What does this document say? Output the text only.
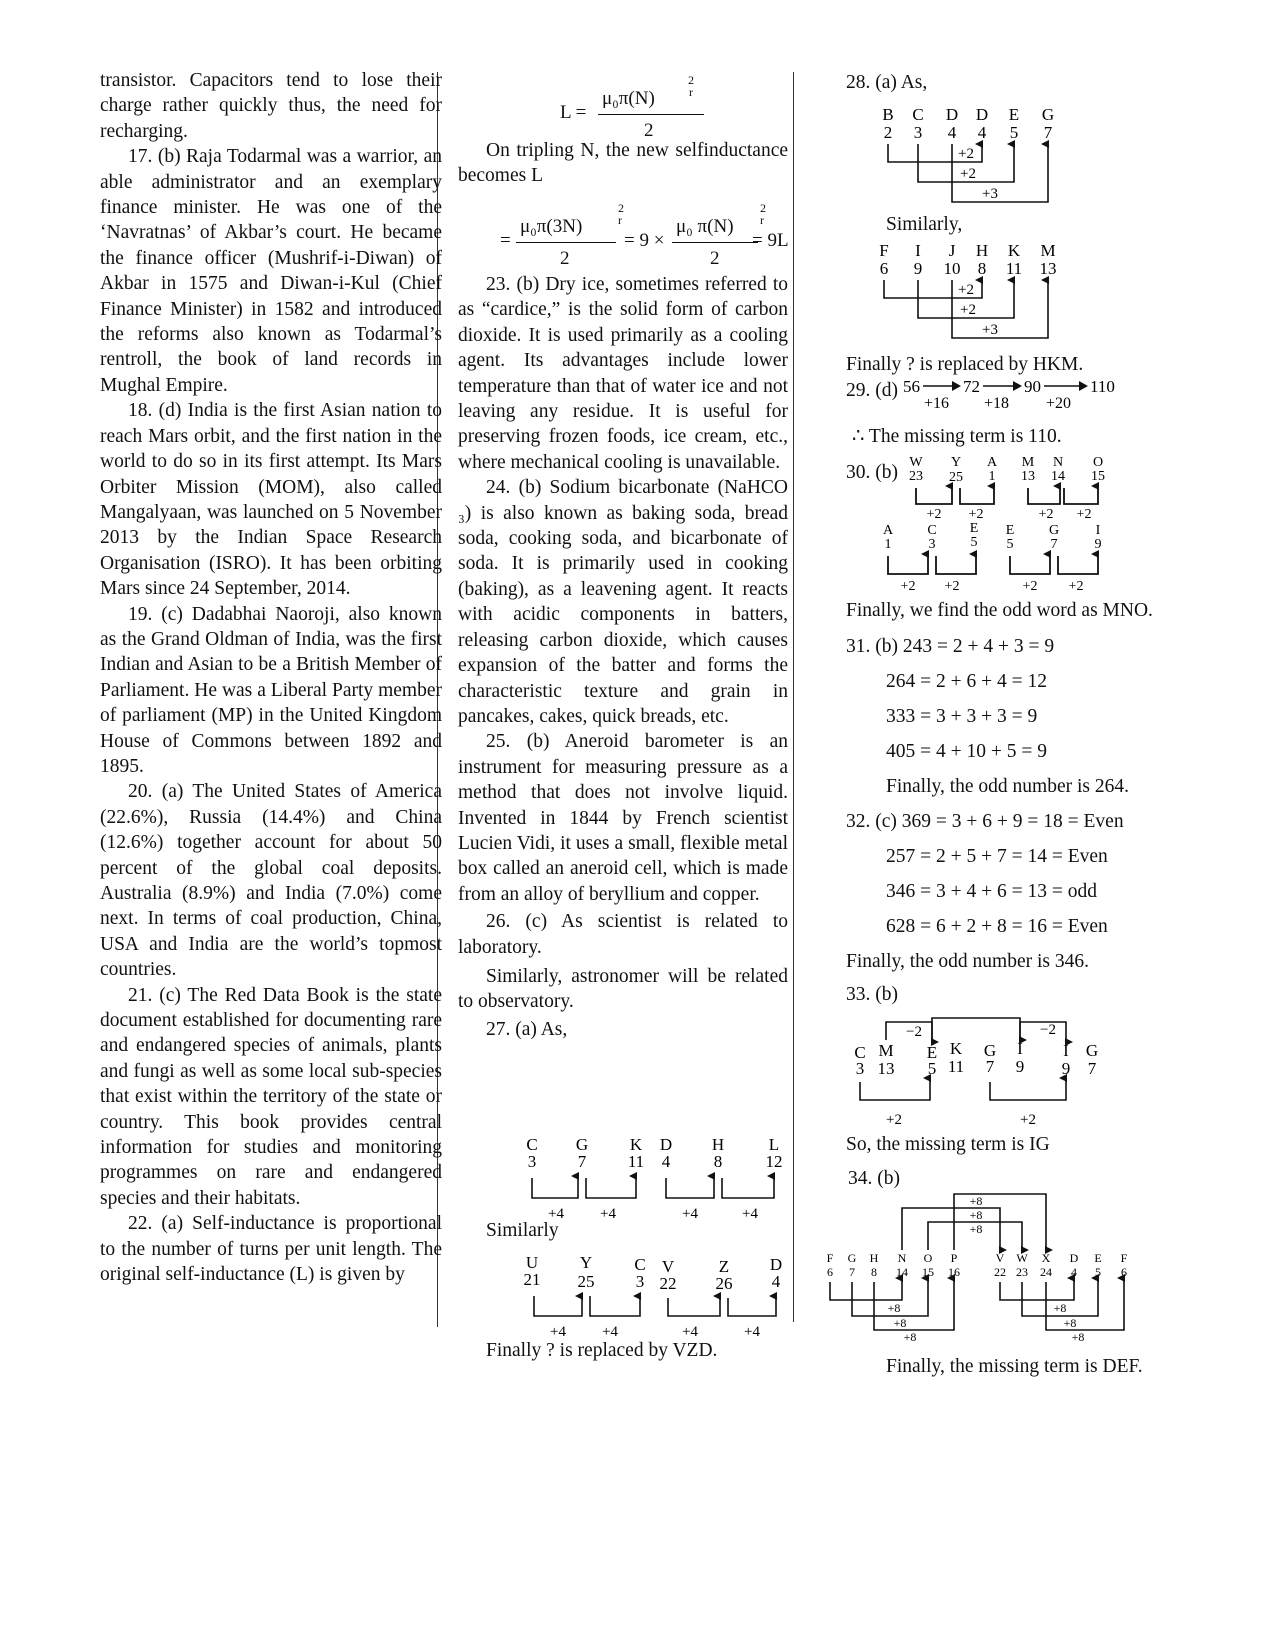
transistor. Capacitors tend to lose their charge rather quickly thus, the need for recharging.

17. (b) Raja Todarmal was a warrior, an able administrator and an exemplary finance minister. He was one of the ‘Navratnas’ of Akbar’s court. He became the finance officer (Mushrif-i-Diwan) of Akbar in 1575 and Diwan-i-Kul (Chief Finance Minister) in 1582 and introduced the reforms also known as Todarmal’s rentroll, the book of land records in Mughal Empire.

18. (d) India is the first Asian nation to reach Mars orbit, and the first nation in the world to do so in its first attempt. Its Mars Orbiter Mission (MOM), also called Mangalyaan, was launched on 5 November 2013 by the Indian Space Research Organisation (ISRO). It has been orbiting Mars since 24 September, 2014.

19. (c) Dadabhai Naoroji, also known as the Grand Oldman of India, was the first Indian and Asian to be a British Member of Parliament. He was a Liberal Party member of parliament (MP) in the United Kingdom House of Commons between 1892 and 1895.

20. (a) The United States of America (22.6%), Russia (14.4%) and China (12.6%) together account for about 50 percent of the global coal deposits. Australia (8.9%) and India (7.0%) come next. In terms of coal production, China, USA and India are the world’s topmost countries.

21. (c) The Red Data Book is the state document established for documenting rare and endangered species of animals, plants and fungi as well as some local sub-species that exist within the territory of the state or country. This book provides central information for studies and monitoring programmes on rare and endangered species and their habitats.

22. (a) Self-inductance is proportional to the number of turns per unit length. The original self-inductance (L) is given by

L =
μ₀π(N)
2
r
2

On tripling N, the new selfinductance becomes L

=
μ₀π(3N)
2
r
2
= 9 ×
μ₀ π(N)
2
r
2
= 9L

23. (b) Dry ice, sometimes referred to as “cardice,” is the solid form of carbon dioxide. It is used primarily as a cooling agent. Its advantages include lower temperature than that of water ice and not leaving any residue. It is useful for preserving frozen foods, ice cream, etc., where mechanical cooling is unavailable.

24. (b) Sodium bicarbonate (NaHCO ₃) is also known as baking soda, bread soda, cooking soda, and bicarbonate of soda. It is primarily used in cooking (baking), as a leavening agent. It reacts with acidic components in batters, releasing carbon dioxide, which causes expansion of the batter and forms the characteristic texture and grain in pancakes, cakes, quick breads, etc.

25. (b) Aneroid barometer is an instrument for measuring pressure as a method that does not involve liquid. Invented in 1844 by French scientist Lucien Vidi, it uses a small, flexible metal box called an aneroid cell, which is made from an alloy of beryllium and copper.

26. (c) As scientist is related to laboratory.

Similarly, astronomer will be related to observatory.

27. (a) As,

C G K D H	L
3 7 11 4	8	12
+4 +4	+4	+4
U Y C V	Z D
21 25 3 22 26 4
+4 +4	+4	+4
B C D D E G
2 3 4 4 5 7
+2
+2
+3
F I J H K M
6 9 10 8 11 13
+2
+2
+3
56	72	90	110
+16 +18 +20
W Y A M N O
23 25 1 13 14 15
+2 +2	+2 +2
A C E E G	I
1	3	5 5	7	9
+2 +2	+2 +2
C M E K G I I G
3 13 5 11 7 9 9 7
−2	−2
+2	+2
F G H N O P	V W X D E F
6 7 8 14 15 16	22 23 24 4 5 6
+8
+8
+8
+8
+8
+8
+8
+8
+8
Similarly
Finally ? is replaced by VZD.
28. (a) As,
Similarly,
Finally ? is replaced by HKM.
29. (d)
∴ The missing term is 110.
30. (b)
Finally, we find the odd word as MNO.
31. (b) 243 = 2 + 4 + 3 = 9
264 = 2 + 6 + 4 = 12
333 = 3 + 3 + 3 = 9
405 = 4 + 10 + 5 = 9
Finally, the odd number is 264.
32. (c) 369 = 3 + 6 + 9 = 18 = Even
257 = 2 + 5 + 7 = 14 = Even
346 = 3 + 4 + 6 = 13 = odd
628 = 6 + 2 + 8 = 16 = Even
Finally, the odd number is 346.
33. (b)
So, the missing term is IG
34. (b)
Finally, the missing term is DEF.
